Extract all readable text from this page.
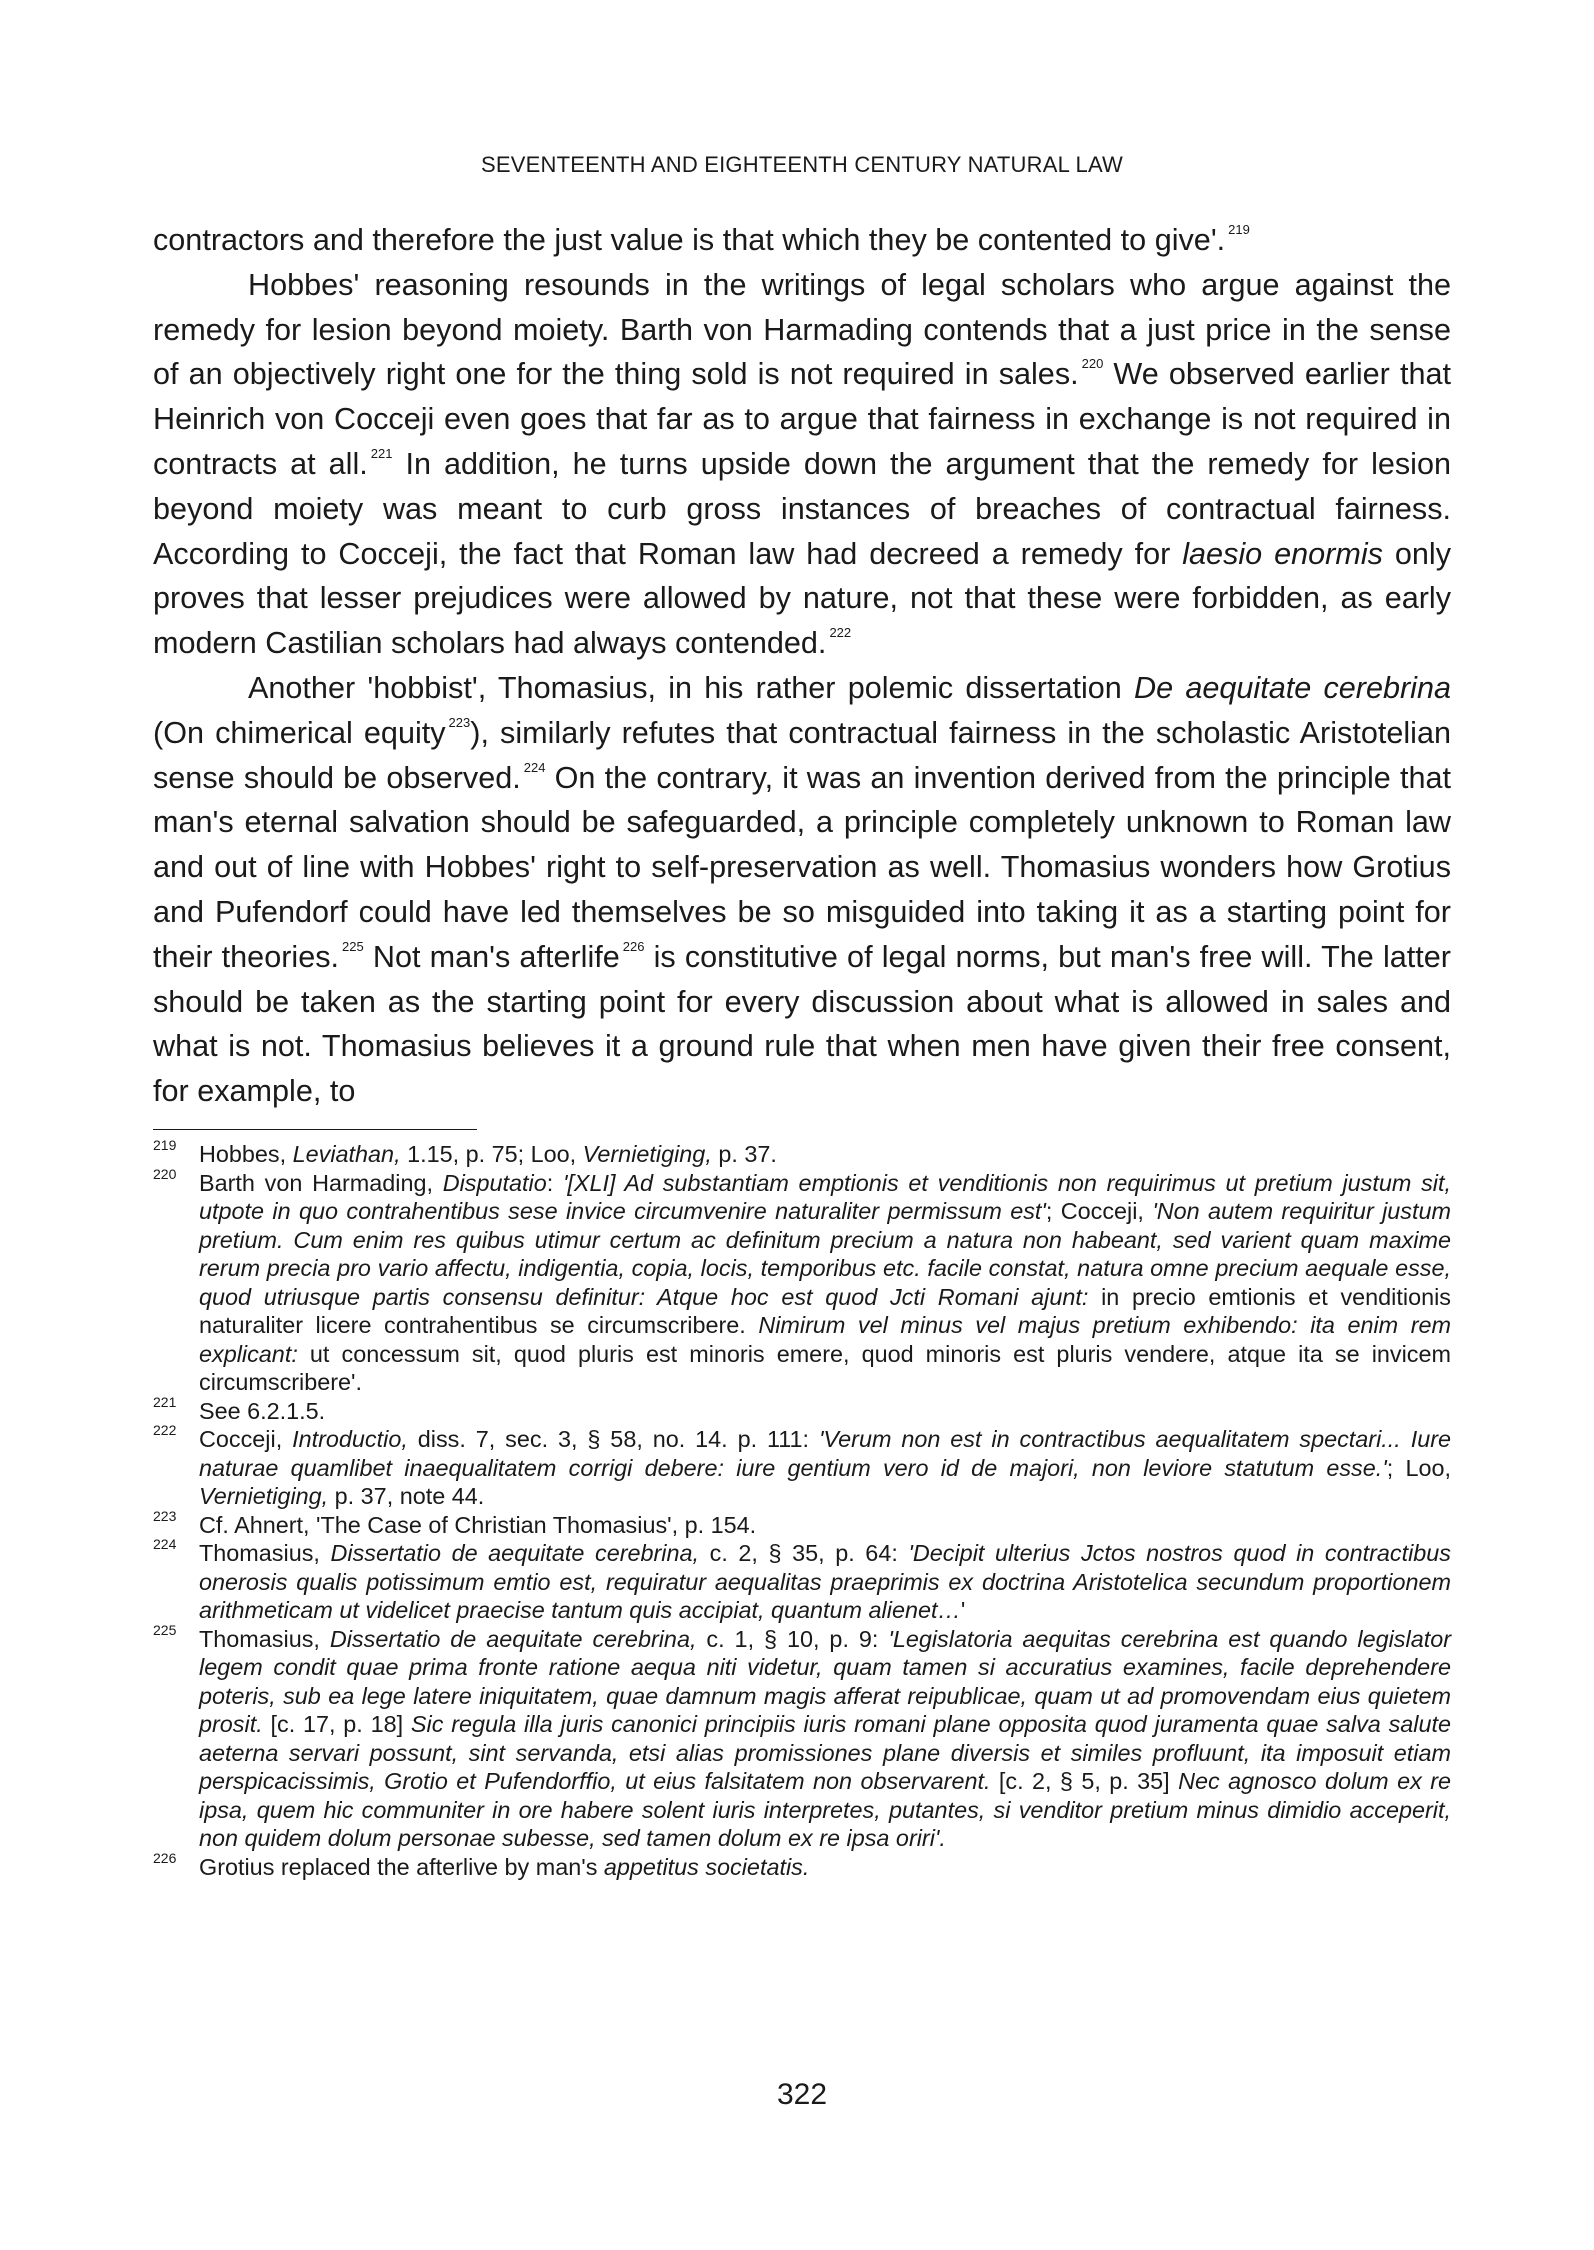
SEVENTEENTH AND EIGHTEENTH CENTURY NATURAL LAW

contractors and therefore the just value is that which they be contented to give'. $^{219}$

Hobbes' reasoning resounds in the writings of legal scholars who argue against the remedy for lesion beyond moiety. Barth von Harmading contends that a just price in the sense of an objectively right one for the thing sold is not required in sales. $^{220}$ We observed earlier that Heinrich von Cocceji even goes that far as to argue that fairness in exchange is not required in contracts at all. $^{221}$ In addition, he turns upside down the argument that the remedy for lesion beyond moiety was meant to curb gross instances of breaches of contractual fairness. According to Cocceji, the fact that Roman law had decreed a remedy for laesio enormis only proves that lesser prejudices were allowed by nature, not that these were forbidden, as early modern Castilian scholars had always contended. $^{222}$

Another 'hobbist', Thomasius, in his rather polemic dissertation De aequitate cerebrina (On chimerical equity $^{223}$), similarly refutes that contractual fairness in the scholastic Aristotelian sense should be observed. $^{224}$ On the contrary, it was an invention derived from the principle that man's eternal salvation should be safeguarded, a principle completely unknown to Roman law and out of line with Hobbes' right to self-preservation as well. Thomasius wonders how Grotius and Pufendorf could have led themselves be so misguided into taking it as a starting point for their theories. $^{225}$ Not man's afterlife $^{226}$ is constitutive of legal norms, but man's free will. The latter should be taken as the starting point for every discussion about what is allowed in sales and what is not. Thomasius believes it a ground rule that when men have given their free consent, for example, to

219 Hobbes, Leviathan, 1.15, p. 75; Loo, Vernietiging, p. 37.
220 Barth von Harmading, Disputatio: '[XLI] Ad substantiam emptionis et venditionis non requirimus ut pretium justum sit, utpote in quo contrahentibus sese invice circumvenire naturaliter permissum est'; Cocceji, 'Non autem requiritur justum pretium. Cum enim res quibus utimur certum ac definitum precium a natura non habeant, sed varient quam maxime rerum precia pro vario affectu, indigentia, copia, locis, temporibus etc. facile constat, natura omne precium aequale esse, quod utriusque partis consensu definitur: Atque hoc est quod Jcti Romani ajunt: in precio emtionis et venditionis naturaliter licere contrahentibus se circumscribere. Nimirum vel minus vel majus pretium exhibendo: ita enim rem explicant: ut concessum sit, quod pluris est minoris emere, quod minoris est pluris vendere, atque ita se invicem circumscribere'.
221 See 6.2.1.5.
222 Cocceji, Introductio, diss. 7, sec. 3, § 58, no. 14. p. 111: 'Verum non est in contractibus aequalitatem spectari... Iure naturae quamlibet inaequalitatem corrigi debere: iure gentium vero id de majori, non leviore statutum esse.'; Loo, Vernietiging, p. 37, note 44.
223 Cf. Ahnert, 'The Case of Christian Thomasius', p. 154.
224 Thomasius, Dissertatio de aequitate cerebrina, c. 2, § 35, p. 64: 'Decipit ulterius Jctos nostros quod in contractibus onerosis qualis potissimum emtio est, requiratur aequalitas praeprimis ex doctrina Aristotelica secundum proportionem arithmeticam ut videlicet praecise tantum quis accipiat, quantum alienet…'
225 Thomasius, Dissertatio de aequitate cerebrina, c. 1, § 10, p. 9: 'Legislatoria aequitas cerebrina est quando legislator legem condit quae prima fronte ratione aequa niti videtur, quam tamen si accuratius examines, facile deprehendere poteris, sub ea lege latere iniquitatem, quae damnum magis afferat reipublicae, quam ut ad promovendam eius quietem prosit. [c. 17, p. 18] Sic regula illa juris canonici principiis iuris romani plane opposita quod juramenta quae salva salute aeterna servari possunt, sint servanda, etsi alias promissiones plane diversis et similes profluunt, ita imposuit etiam perspicacissimis, Grotio et Pufendorffio, ut eius falsitatem non observarent. [c. 2, § 5, p. 35] Nec agnosco dolum ex re ipsa, quem hic communiter in ore habere solent iuris interpretes, putantes, si venditor pretium minus dimidio acceperit, non quidem dolum personae subesse, sed tamen dolum ex re ipsa oriri'.
226 Grotius replaced the afterlive by man's appetitus societatis.
322
